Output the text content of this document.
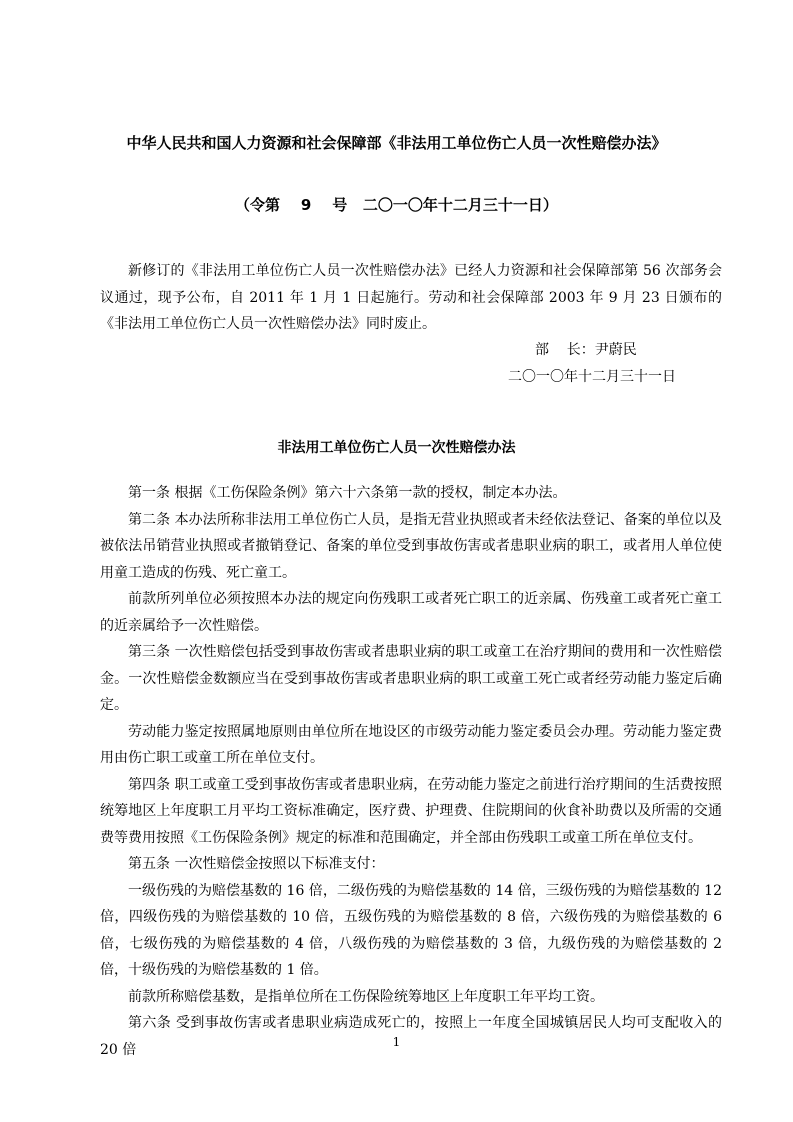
中华人民共和国人力资源和社会保障部《非法用工单位伤亡人员一次性赔偿办法》
（令第    9    号   二〇一〇年十二月三十一日）

新修订的《非法用工单位伤亡人员一次性赔偿办法》已经人力资源和社会保障部第 56 次部务会议通过，现予公布，自 2011 年 1 月 1 日起施行。劳动和社会保障部 2003 年 9 月 23 日颁布的《非法用工单位伤亡人员一次性赔偿办法》同时废止。

部    长：尹蔚民
二〇一〇年十二月三十一日
非法用工单位伤亡人员一次性赔偿办法

第一条 根据《工伤保险条例》第六十六条第一款的授权，制定本办法。

第二条 本办法所称非法用工单位伤亡人员，是指无营业执照或者未经依法登记、备案的单位以及被依法吊销营业执照或者撤销登记、备案的单位受到事故伤害或者患职业病的职工，或者用人单位使用童工造成的伤残、死亡童工。

前款所列单位必须按照本办法的规定向伤残职工或者死亡职工的近亲属、伤残童工或者死亡童工的近亲属给予一次性赔偿。

第三条 一次性赔偿包括受到事故伤害或者患职业病的职工或童工在治疗期间的费用和一次性赔偿金。一次性赔偿金数额应当在受到事故伤害或者患职业病的职工或童工死亡或者经劳动能力鉴定后确定。

劳动能力鉴定按照属地原则由单位所在地设区的市级劳动能力鉴定委员会办理。劳动能力鉴定费用由伤亡职工或童工所在单位支付。

第四条 职工或童工受到事故伤害或者患职业病，在劳动能力鉴定之前进行治疗期间的生活费按照统筹地区上年度职工月平均工资标准确定，医疗费、护理费、住院期间的伙食补助费以及所需的交通费等费用按照《工伤保险条例》规定的标准和范围确定，并全部由伤残职工或童工所在单位支付。

第五条 一次性赔偿金按照以下标准支付：

一级伤残的为赔偿基数的 16 倍，二级伤残的为赔偿基数的 14 倍，三级伤残的为赔偿基数的 12 倍，四级伤残的为赔偿基数的 10 倍，五级伤残的为赔偿基数的 8 倍，六级伤残的为赔偿基数的 6 倍，七级伤残的为赔偿基数的 4 倍，八级伤残的为赔偿基数的 3 倍，九级伤残的为赔偿基数的 2 倍，十级伤残的为赔偿基数的 1 倍。

前款所称赔偿基数，是指单位所在工伤保险统筹地区上年度职工年平均工资。

第六条 受到事故伤害或者患职业病造成死亡的，按照上一年度全国城镇居民人均可支配收入的 20 倍	1
